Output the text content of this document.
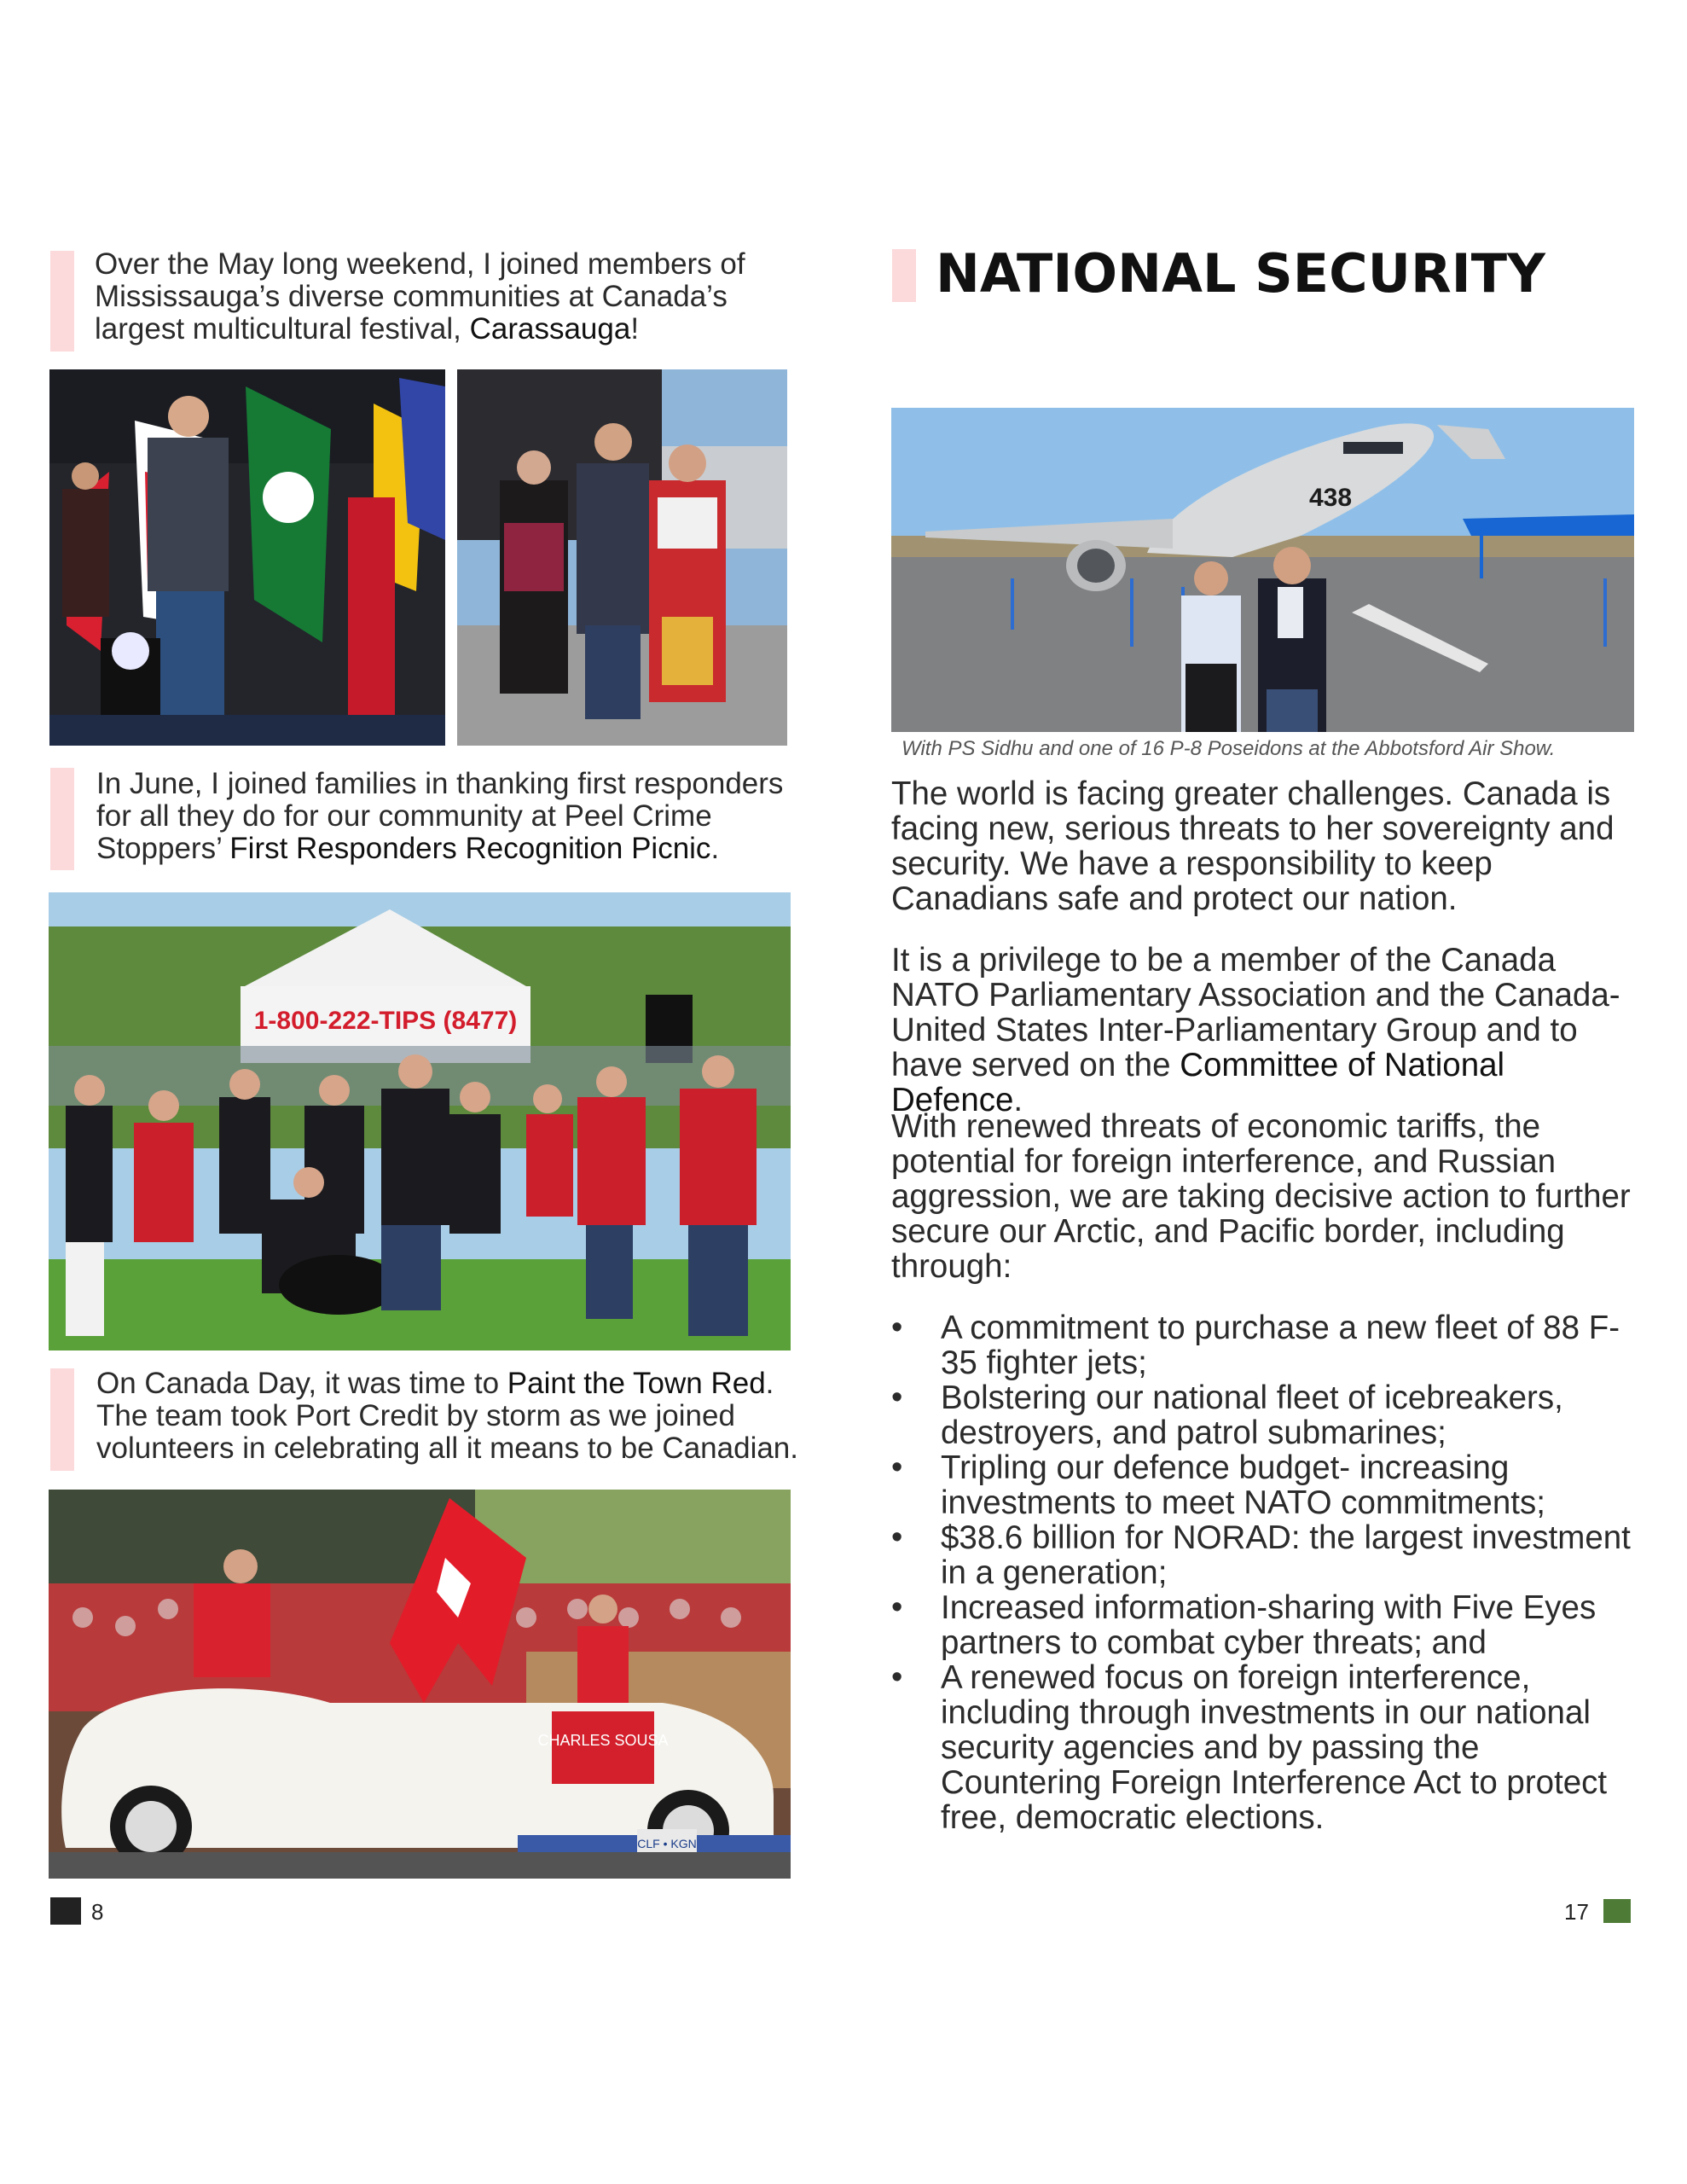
Over the May long weekend, I joined members of Mississauga’s diverse communities at Canada’s largest multicultural festival, Carassauga!
In June, I joined families in thanking first responders for all they do for our community at Peel Crime Stoppers’ First Responders Recognition Picnic.
1-800-222-TIPS (8477)
On Canada Day, it was time to Paint the Town Red. The team took Port Credit by storm as we joined volunteers in celebrating all it means to be Canadian.
CHARLES SOUSA
CLF • KGN
8
NATIONAL SECURITY
438
With PS Sidhu and one of 16 P-8 Poseidons at the Abbotsford Air Show.
The world is facing greater challenges. Canada is facing new, serious threats to her sovereignty and security. We have a responsibility to keep Canadians safe and protect our nation.
It is a privilege to be a member of the Canada NATO Parliamentary Association and the Canada-United States Inter-Parliamentary Group and to have served on the Committee of National Defence.
With renewed threats of economic tariffs, the potential for foreign interference, and Russian aggression, we are taking decisive action to further secure our Arctic, and Pacific border, including through:
• A commitment to purchase a new fleet of 88 F-35 fighter jets;
• Bolstering our national fleet of icebreakers, destroyers, and patrol submarines;
• Tripling our defence budget- increasing investments to meet NATO commitments;
• $38.6 billion for NORAD: the largest investment in a generation;
• Increased information-sharing with Five Eyes partners to combat cyber threats; and
• A renewed focus on foreign interference, including through investments in our national security agencies and by passing the Countering Foreign Interference Act to protect free, democratic elections.
17
